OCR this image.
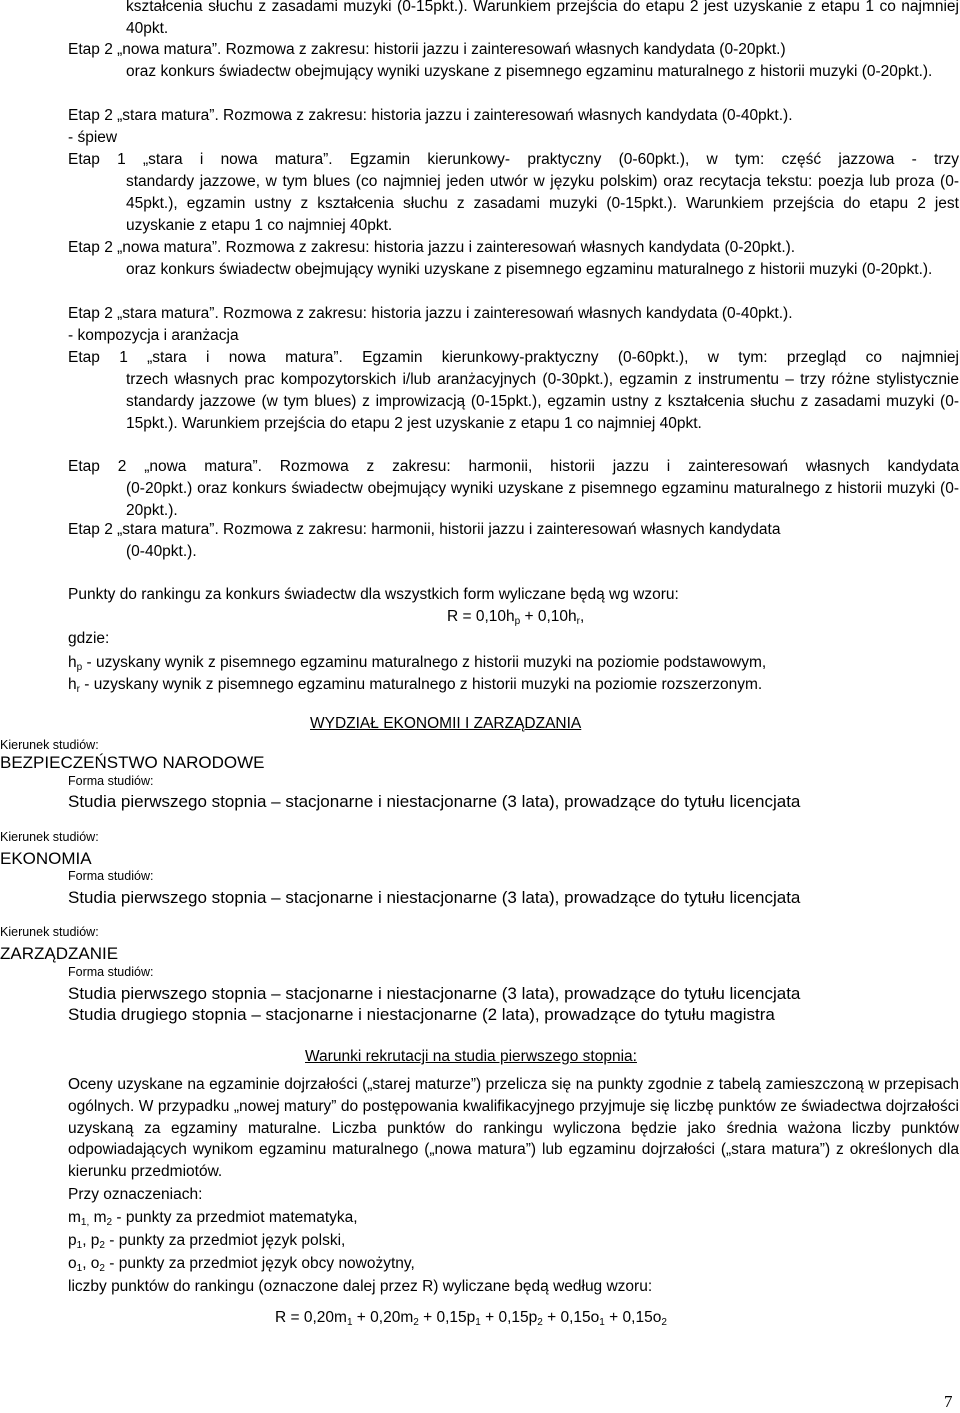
kształcenia słuchu z zasadami muzyki (0-15pkt.). Warunkiem przejścia do etapu 2 jest uzyskanie z etapu 1 co najmniej 40pkt.

Etap 2 „nowa matura”. Rozmowa z zakresu: historii jazzu i zainteresowań własnych kandydata (0-20pkt.)

oraz konkurs świadectw obejmujący wyniki uzyskane z pisemnego egzaminu maturalnego z historii muzyki (0-20pkt.).

Etap 2 „stara matura”. Rozmowa z zakresu: historia jazzu i zainteresowań własnych kandydata (0-40pkt.).

- śpiew

Etap 1 „stara i nowa matura”. Egzamin kierunkowy- praktyczny (0-60pkt.), w tym: część jazzowa - trzy

standardy jazzowe, w tym blues (co najmniej jeden utwór w języku polskim) oraz recytacja tekstu: poezja lub proza (0-45pkt.), egzamin ustny z kształcenia słuchu z zasadami muzyki (0-15pkt.). Warunkiem przejścia do etapu 2 jest uzyskanie z etapu 1 co najmniej 40pkt.

Etap 2 „nowa matura”. Rozmowa z zakresu: historia jazzu i zainteresowań własnych kandydata (0-20pkt.).

oraz konkurs świadectw obejmujący wyniki uzyskane z pisemnego egzaminu maturalnego z historii muzyki (0-20pkt.).

Etap 2 „stara matura”. Rozmowa z zakresu: historia jazzu i zainteresowań własnych kandydata (0-40pkt.).

- kompozycja i aranżacja

Etap 1 „stara i nowa matura”. Egzamin kierunkowy-praktyczny (0-60pkt.), w tym: przegląd co najmniej

trzech własnych prac kompozytorskich i/lub aranżacyjnych (0-30pkt.), egzamin z instrumentu – trzy różne stylistycznie standardy jazzowe (w tym blues) z improwizacją (0-15pkt.), egzamin ustny z kształcenia słuchu z zasadami muzyki (0-15pkt.). Warunkiem przejścia do etapu 2 jest uzyskanie z etapu 1 co najmniej 40pkt.

Etap 2 „nowa matura”. Rozmowa z zakresu: harmonii, historii jazzu i zainteresowań własnych kandydata

(0-20pkt.) oraz konkurs świadectw obejmujący wyniki uzyskane z pisemnego egzaminu maturalnego z historii muzyki (0-20pkt.).

Etap 2 „stara matura”. Rozmowa z zakresu: harmonii, historii jazzu i zainteresowań własnych kandydata

(0-40pkt.).

Punkty do rankingu za konkurs świadectw dla wszystkich form wyliczane będą wg wzoru:

$R = 0,10h_p + 0,10h_r$,

gdzie:

$h_p$ - uzyskany wynik z pisemnego egzaminu maturalnego z historii muzyki na poziomie podstawowym,

$h_r$ - uzyskany wynik z pisemnego egzaminu maturalnego z historii muzyki na poziomie rozszerzonym.

WYDZIAŁ EKONOMII I ZARZĄDZANIA

Kierunek studiów:

BEZPIECZEŃSTWO NARODOWE

Forma studiów:

Studia pierwszego stopnia – stacjonarne i niestacjonarne (3 lata), prowadzące do tytułu licencjata

Kierunek studiów:

EKONOMIA

Forma studiów:

Studia pierwszego stopnia – stacjonarne i niestacjonarne (3 lata), prowadzące do tytułu licencjata

Kierunek studiów:

ZARZĄDZANIE

Forma studiów:

Studia pierwszego stopnia – stacjonarne i niestacjonarne (3 lata), prowadzące do tytułu licencjata

Studia drugiego stopnia – stacjonarne i niestacjonarne (2 lata), prowadzące do tytułu magistra

Warunki rekrutacji na studia pierwszego stopnia:

Oceny uzyskane na egzaminie dojrzałości („starej maturze”) przelicza się na punkty zgodnie z tabelą zamieszczoną w przepisach ogólnych. W przypadku „nowej matury” do postępowania kwalifikacyjnego przyjmuje się liczbę punktów ze świadectwa dojrzałości uzyskaną za egzaminy maturalne. Liczba punktów do rankingu wyliczona będzie jako średnia ważona liczby punktów odpowiadających wynikom egzaminu maturalnego („nowa matura”) lub egzaminu dojrzałości („stara matura”) z określonych dla kierunku przedmiotów.

Przy oznaczeniach:

$m_{1,}$ $m_2$ - punkty za przedmiot matematyka,

$p_1$, $p_2$ - punkty za przedmiot język polski,

$o_1$, $o_2$ - punkty za przedmiot język obcy nowożytny,

liczby punktów do rankingu (oznaczone dalej przez R) wyliczane będą według wzoru:

$R = 0,20m_1 + 0,20m_2 + 0,15p_1 + 0,15p_2 + 0,15o_1 + 0,15o_2$

7
